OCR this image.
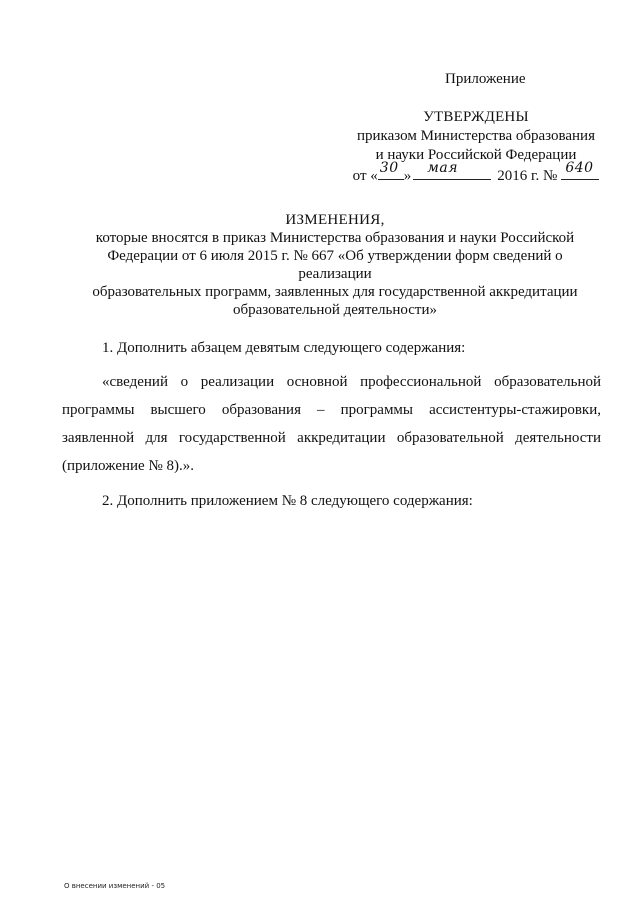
Приложение
УТВЕРЖДЕНЫ
приказом Министерства образования
и науки Российской Федерации
от « 30 » мая	2016 г. № 640
ИЗМЕНЕНИЯ,
которые вносятся в приказ Министерства образования и науки Российской
Федерации от 6 июля 2015 г. № 667 «Об утверждении форм сведений о реализации
образовательных программ, заявленных для государственной аккредитации
образовательной деятельности»

1. Дополнить абзацем девятым следующего содержания:

«сведений о реализации основной профессиональной образовательной программы высшего образования – программы ассистентуры-стажировки, заявленной для государственной аккредитации образовательной деятельности (приложение № 8).».

2. Дополнить приложением № 8 следующего содержания:

О внесении изменений - 05
